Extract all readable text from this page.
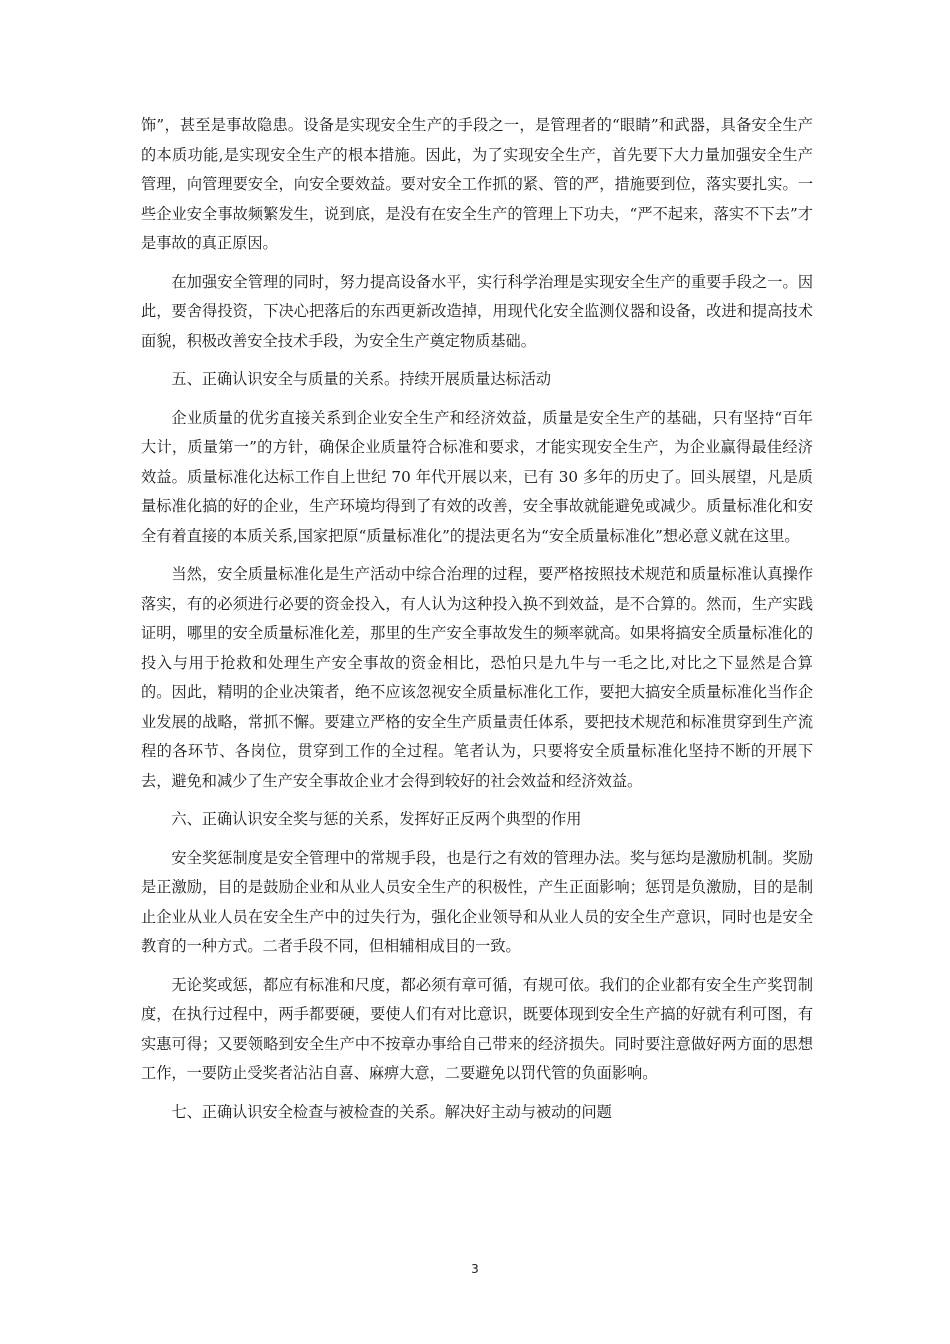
饰”，甚至是事故隐患。设备是实现安全生产的手段之一，是管理者的“眼睛”和武器，具备安全生产的本质功能,是实现安全生产的根本措施。因此，为了实现安全生产，首先要下大力量加强安全生产管理，向管理要安全，向安全要效益。要对安全工作抓的紧、管的严，措施要到位，落实要扎实。一些企业安全事故频繁发生，说到底，是没有在安全生产的管理上下功夫，“严不起来，落实不下去”才是事故的真正原因。

在加强安全管理的同时，努力提高设备水平，实行科学治理是实现安全生产的重要手段之一。因此，要舍得投资，下决心把落后的东西更新改造掉，用现代化安全监测仪器和设备，改进和提高技术面貌，积极改善安全技术手段，为安全生产奠定物质基础。

五、正确认识安全与质量的关系。持续开展质量达标活动

企业质量的优劣直接关系到企业安全生产和经济效益，质量是安全生产的基础，只有坚持“百年大计，质量第一”的方针，确保企业质量符合标准和要求，才能实现安全生产，为企业赢得最佳经济效益。质量标准化达标工作自上世纪 70 年代开展以来，已有 30 多年的历史了。回头展望，凡是质量标准化搞的好的企业，生产环境均得到了有效的改善，安全事故就能避免或减少。质量标准化和安全有着直接的本质关系,国家把原“质量标准化”的提法更名为“安全质量标准化”想必意义就在这里。

当然，安全质量标准化是生产活动中综合治理的过程，要严格按照技术规范和质量标准认真操作落实，有的必须进行必要的资金投入，有人认为这种投入换不到效益，是不合算的。然而，生产实践证明，哪里的安全质量标准化差，那里的生产安全事故发生的频率就高。如果将搞安全质量标准化的投入与用于抢救和处理生产安全事故的资金相比，恐怕只是九牛与一毛之比,对比之下显然是合算的。因此，精明的企业决策者，绝不应该忽视安全质量标准化工作，要把大搞安全质量标准化当作企业发展的战略，常抓不懈。要建立严格的安全生产质量责任体系，要把技术规范和标准贯穿到生产流程的各环节、各岗位，贯穿到工作的全过程。笔者认为，只要将安全质量标准化坚持不断的开展下去，避免和减少了生产安全事故企业才会得到较好的社会效益和经济效益。

六、正确认识安全奖与惩的关系，发挥好正反两个典型的作用

安全奖惩制度是安全管理中的常规手段，也是行之有效的管理办法。奖与惩均是激励机制。奖励是正激励，目的是鼓励企业和从业人员安全生产的积极性，产生正面影响；惩罚是负激励，目的是制止企业从业人员在安全生产中的过失行为，强化企业领导和从业人员的安全生产意识，同时也是安全教育的一种方式。二者手段不同，但相辅相成目的一致。

无论奖或惩，都应有标准和尺度，都必须有章可循，有规可依。我们的企业都有安全生产奖罚制度，在执行过程中，两手都要硬，要使人们有对比意识，既要体现到安全生产搞的好就有利可图，有实惠可得；又要领略到安全生产中不按章办事给自己带来的经济损失。同时要注意做好两方面的思想工作，一要防止受奖者沾沾自喜、麻痹大意，二要避免以罚代管的负面影响。

七、正确认识安全检查与被检查的关系。解决好主动与被动的问题

3
